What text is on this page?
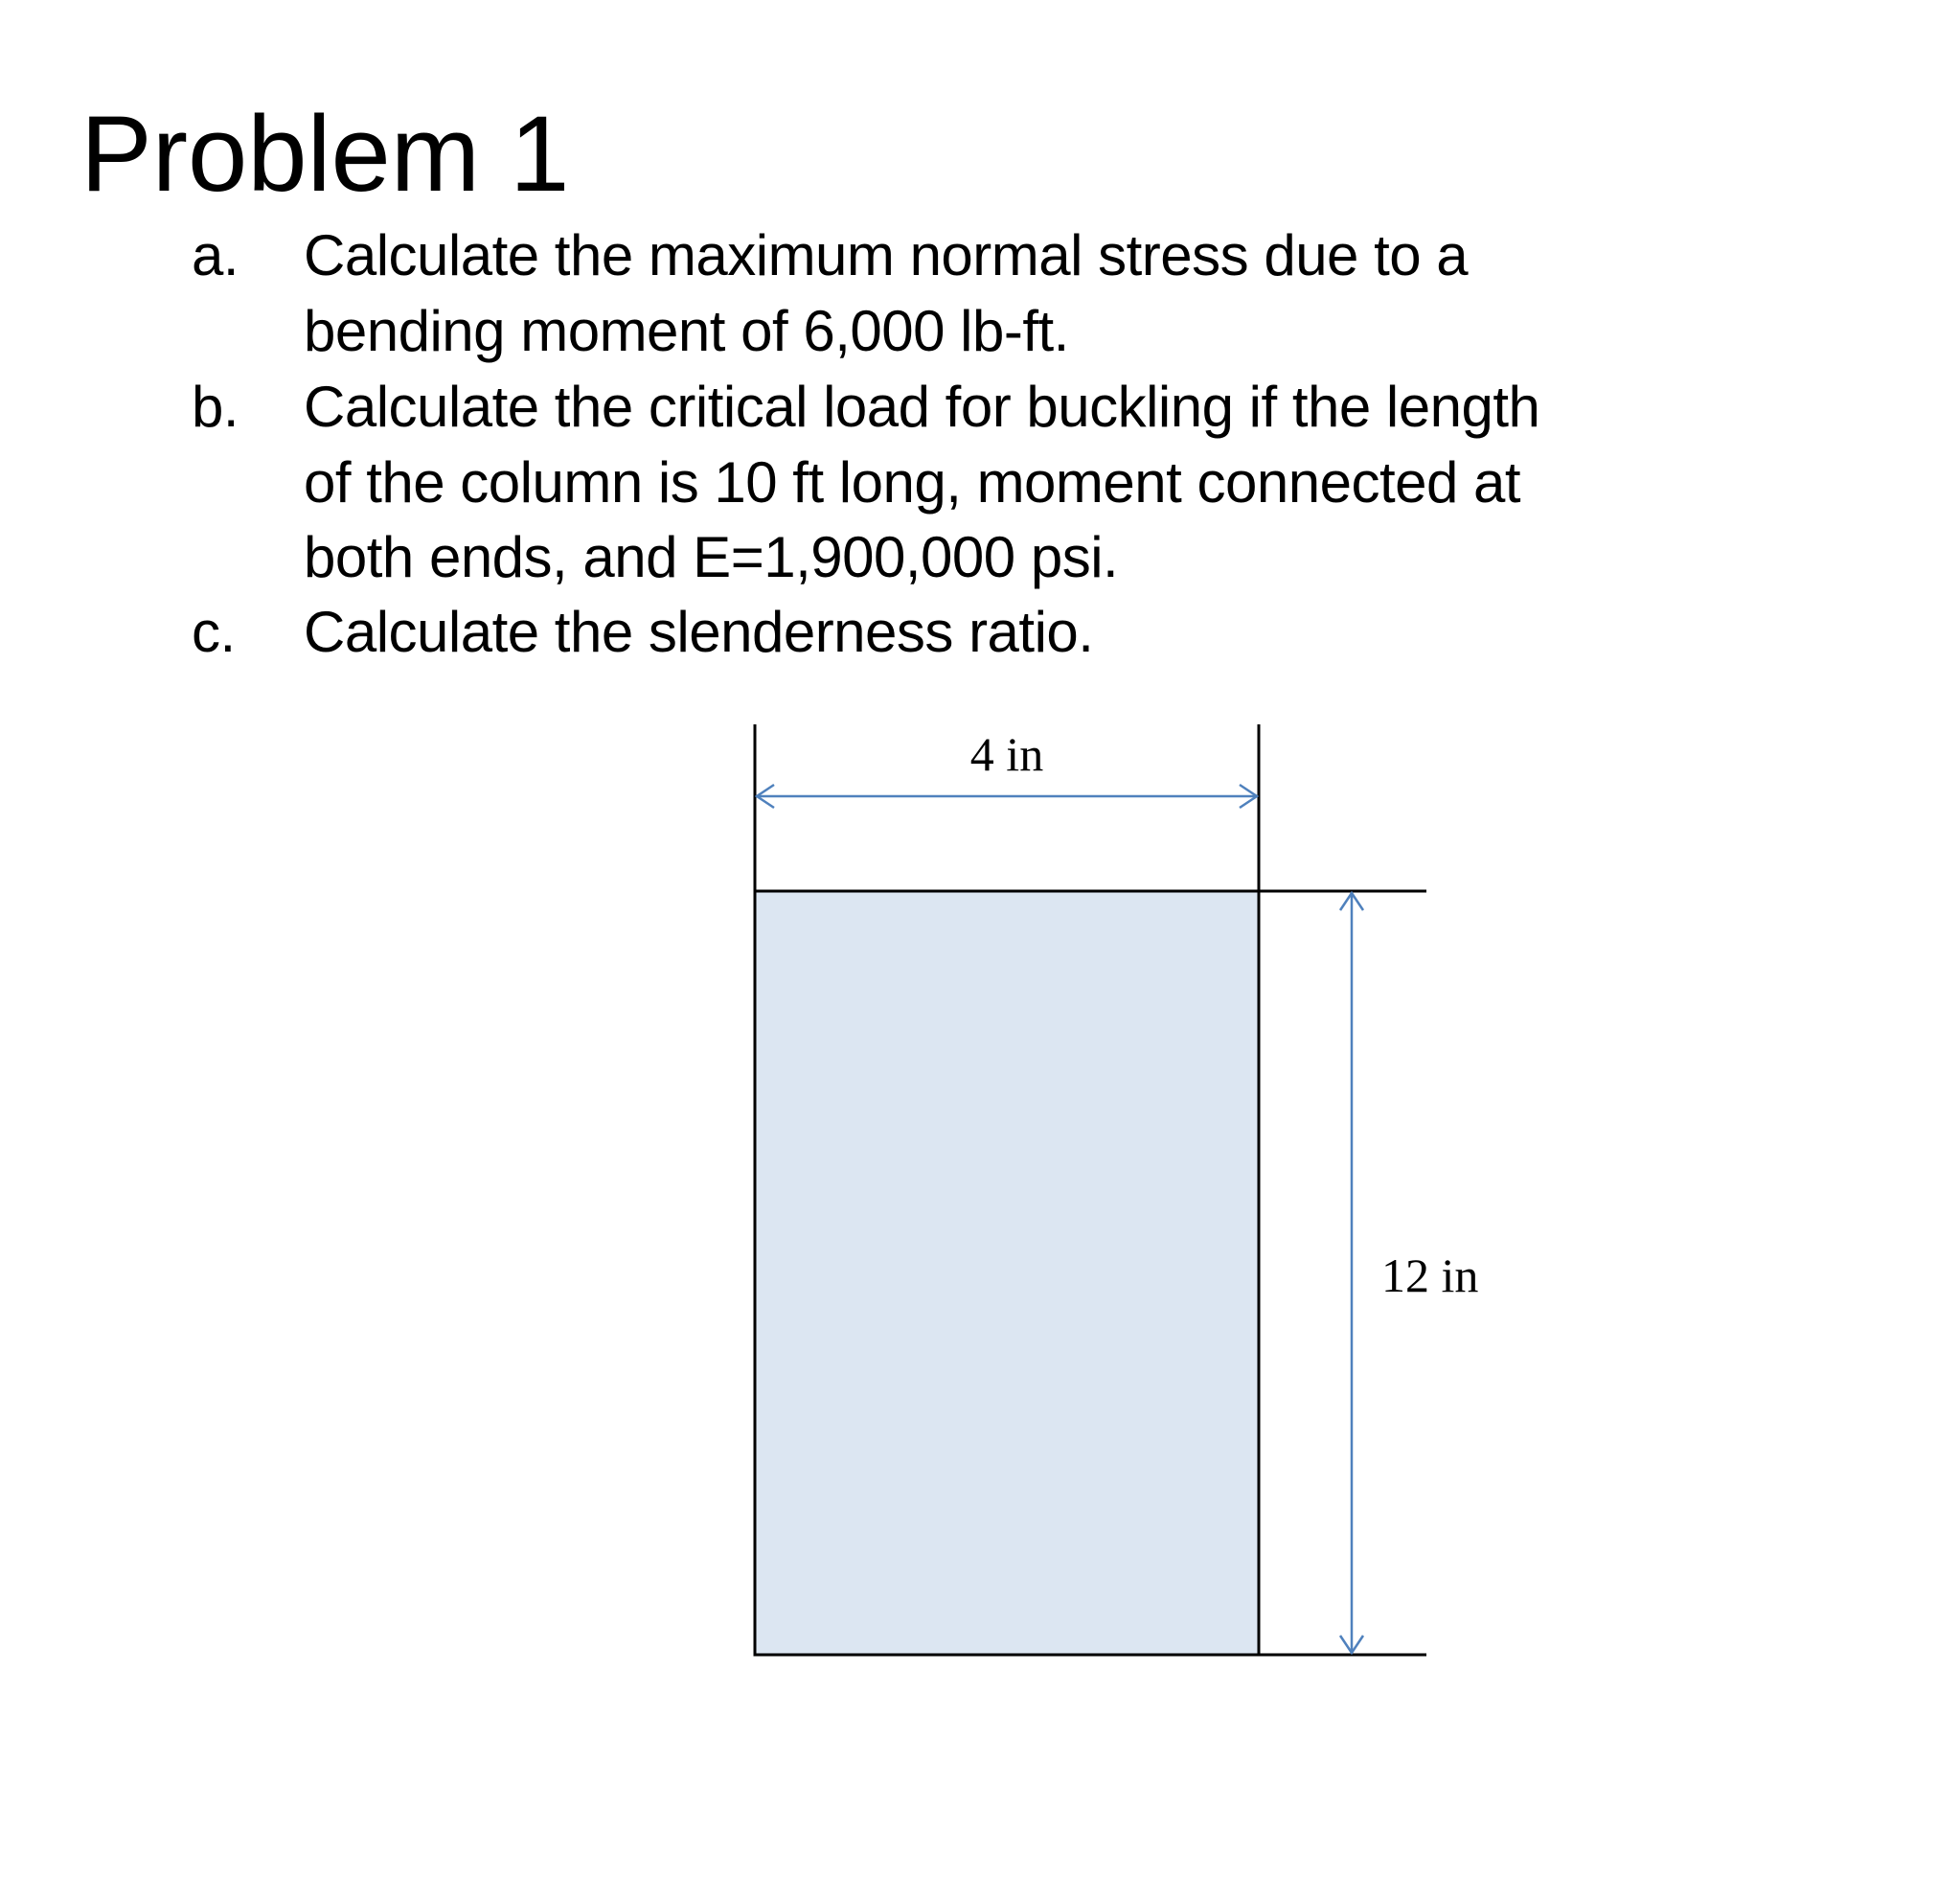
Problem 1
a. Calculate the maximum normal stress due to a
bending moment of 6,000 lb-ft.
b. Calculate the critical load for buckling if the length
of the column is 10 ft long, moment connected at
both ends, and E=1,900,000 psi.
c. Calculate the slenderness ratio.
4 in
12 in
